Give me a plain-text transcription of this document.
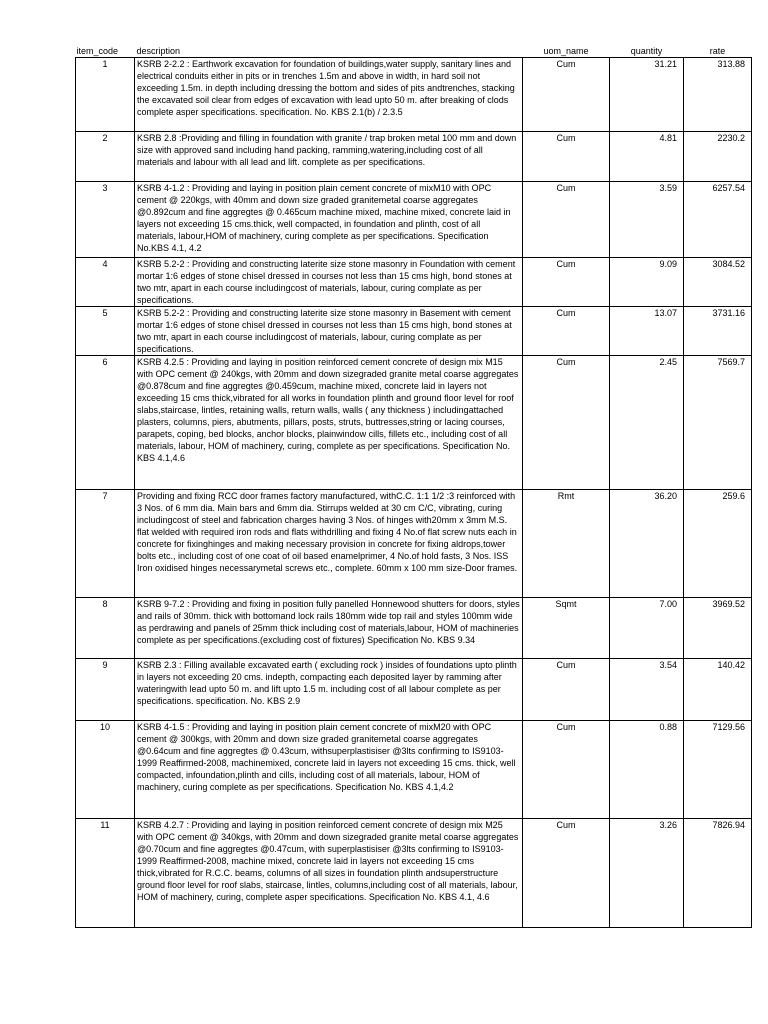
item_code	description	uom_name	quantity	rate
1	KSRB 2-2.2 : Earthwork excavation for foundation of buildings,water supply, sanitary lines and electrical conduits either in pits or in trenches 1.5m and above in width, in hard soil not exceeding 1.5m. in depth including dressing the bottom and sides of pits andtrenches, stacking the excavated soil clear from edges of excavation with lead upto 50 m. after breaking of clods complete asper specifications. specification. No. KBS 2.1(b) / 2.3.5	Cum	31.21	313.88
2	KSRB 2.8 :Providing and filling in foundation with granite / trap broken metal 100 mm and down size with approved sand including hand packing, ramming,watering,including cost of all materials and labour with all lead and lift. complete as per specifications.	Cum	4.81	2230.2
3	KSRB 4-1.2 : Providing and laying in position plain cement concrete of mixM10 with OPC cement @ 220kgs, with 40mm and down size graded granitemetal coarse aggregates @0.892cum and fine aggregtes @ 0.465cum machine mixed, machine mixed, concrete laid in layers not exceeding 15 cms.thick, well compacted, in foundation and plinth, cost of all materials, labour,HOM of machinery, curing complete as per specifications. Specification No.KBS 4.1, 4.2	Cum	3.59	6257.54
4	KSRB 5.2-2 : Providing and constructing laterite size stone masonry in Foundation with cement mortar 1:6 edges of stone chisel dressed in courses not less than 15 cms high, bond stones at two mtr, apart in each course includingcost of materials, labour, curing complate as per specifications.	Cum	9.09	3084.52
5	KSRB 5.2-2 : Providing and constructing laterite size stone masonry in Basement with cement mortar 1:6 edges of stone chisel dressed in courses not less than 15 cms high, bond stones at two mtr, apart in each course includingcost of materials, labour, curing complate as per specifications.	Cum	13.07	3731.16
6	KSRB 4.2.5 : Providing and laying in position reinforced cement concrete of design mix M15 with OPC cement @ 240kgs, with 20mm and down sizegraded granite metal coarse aggregates @0.878cum and fine aggregtes @0.459cum, machine mixed, concrete laid in layers not exceeding 15 cms thick,vibrated for all works in foundation plinth and ground floor level for roof slabs,staircase, lintles, retaining walls, return walls, walls ( any thickness ) includingattached plasters, columns, piers, abutments, pillars, posts, struts, buttresses,string or lacing courses, parapets, coping, bed blocks, anchor blocks, plainwindow cills, fillets etc., including cost of all materials, labour, HOM of machinery, curing, complete as per specifications. Specification No. KBS 4.1,4.6	Cum	2.45	7569.7
7	Providing and fixing RCC door frames factory manufactured, withC.C. 1:1 1/2 :3 reinforced with 3 Nos. of 6 mm dia. Main bars and 6mm dia. Stirrups welded at 30 cm C/C, vibrating, curing includingcost of steel and fabrication charges having 3 Nos. of hinges with20mm x 3mm M.S. flat welded with required iron rods and flats withdrilling and fixing 4 No.of flat screw nuts each in concrete for fixinghinges and making necessary provision in concrete for fixing aldrops,tower bolts etc., including cost of one coat of oil based enamelprimer, 4 No.of hold fasts, 3 Nos. ISS Iron oxidised hinges necessarymetal screws etc., complete. 60mm x 100 mm size-Door frames.	Rmt	36.20	259.6
8	KSRB 9-7.2 : Providing and fixing in position fully panelled Honnewood shutters for doors, styles and rails of 30mm. thick with bottomand lock rails 180mm wide top rail and styles 100mm wide as perdrawing and panels of 25mm thick including cost of materials,labour, HOM of machineries complete as per specifications.(excluding cost of fixtures) Specification No. KBS 9.34	Sqmt	7.00	3969.52
9	KSRB 2.3 : Filling available excavated earth ( excluding rock ) insides of foundations upto plinth in layers not exceeding 20 cms. indepth, compacting each deposited layer by ramming after wateringwith lead upto 50 m. and lift upto 1.5 m. including cost of all labour complete as per specifications. specification. No. KBS 2.9	Cum	3.54	140.42
10	KSRB 4-1.5 : Providing and laying in position plain cement concrete of mixM20 with OPC cement @ 300kgs, with 20mm and down size graded granitemetal coarse aggregates @0.64cum and fine aggregtes @ 0.43cum, withsuperplastisiser @3lts confirming to IS9103-1999 Reaffirmed-2008, machinemixed, concrete laid in layers not exceeding 15 cms. thick, well compacted, infoundation,plinth and cills, including cost of all materials, labour, HOM of machinery, curing complete as per specifications. Specification No. KBS 4.1,4.2	Cum	0.88	7129.56
11	KSRB 4.2.7 : Providing and laying in position reinforced cement concrete of design mix M25 with OPC cement @ 340kgs, with 20mm and down sizegraded granite metal coarse aggregates @0.70cum and fine aggregtes @0.47cum, with superplastisiser @3lts confirming to IS9103- 1999 Reaffirmed-2008, machine mixed, concrete laid in layers not exceeding 15 cms thick,vibrated for R.C.C. beams, columns of all sizes in foundation plinth andsuperstructure ground floor level for roof slabs, staircase, lintles, columns,including cost of all materials, labour, HOM of machinery, curing, complete asper specifications. Specification No. KBS 4.1, 4.6	Cum	3.26	7826.94
